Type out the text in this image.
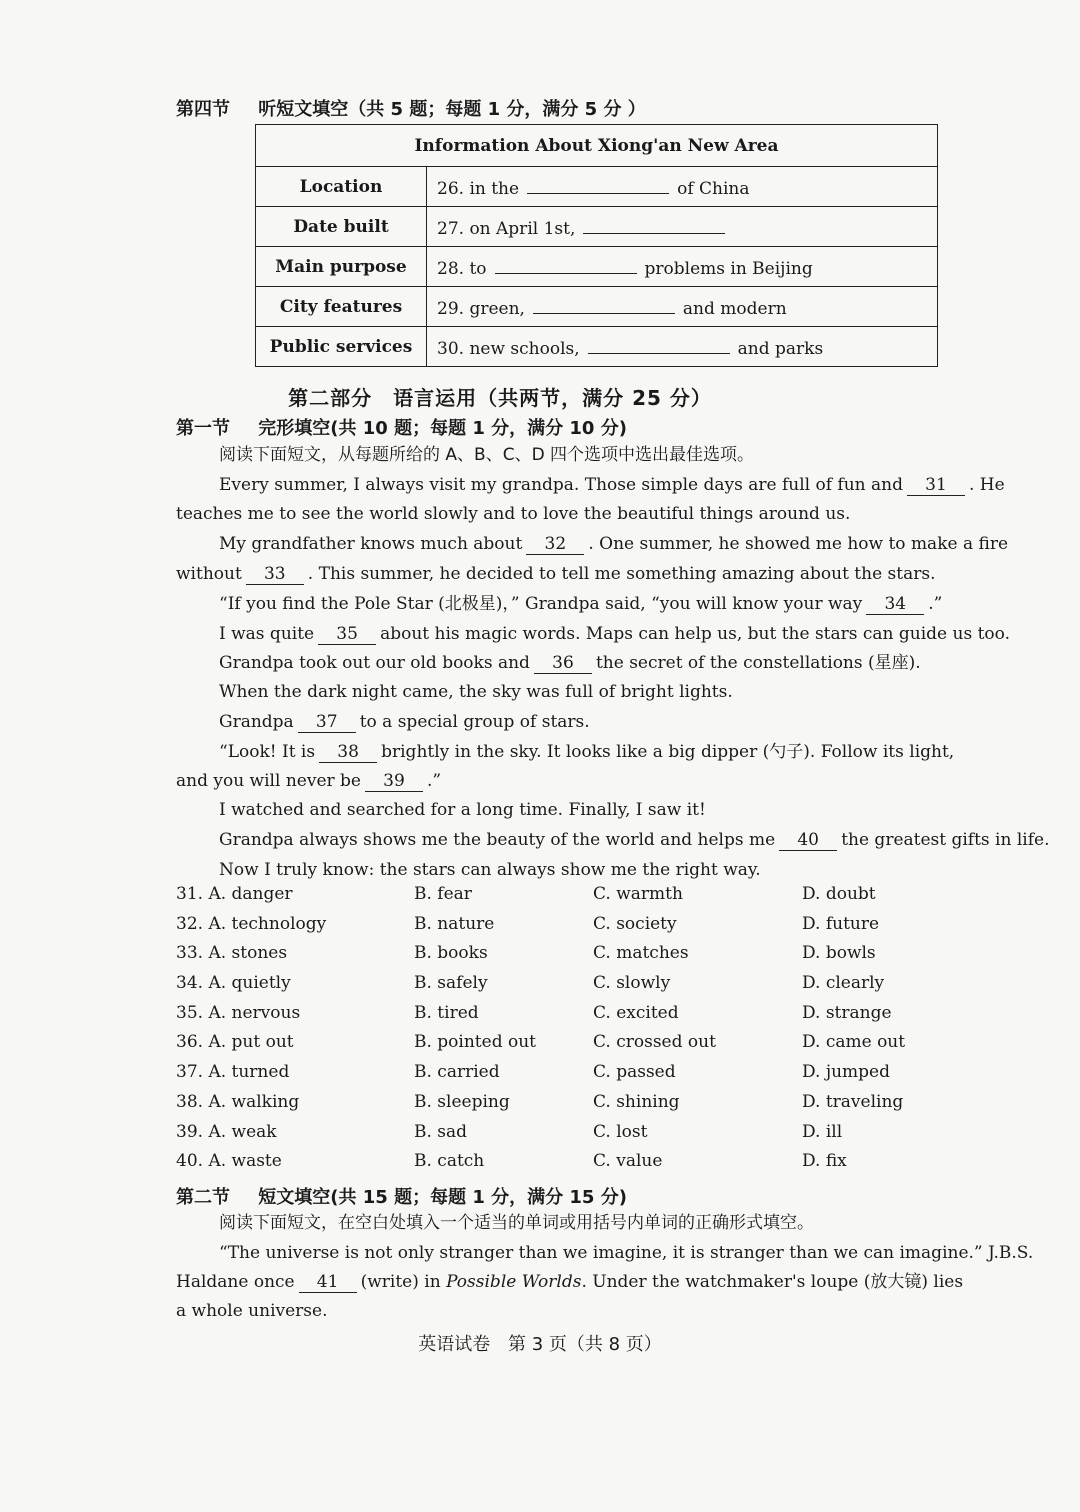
第四节 听短文填空（共 5 题；每题 1 分，满分 5 分 ）
Information About Xiong'an New Area	
Location	26. in the of China
Date built	27. on April 1st,
Main purpose	28. to problems in Beijing
City features	29. green, and modern
Public services	30. new schools, and parks
第二部分　语言运用（共两节，满分 25 分）
第一节 完形填空(共 10 题；每题 1 分，满分 10 分)
阅读下面短文，从每题所给的 A、B、C、D 四个选项中选出最佳选项。
Every summer, I always visit my grandpa. Those simple days are full of fun and 31 . He
teaches me to see the world slowly and to love the beautiful things around us.
My grandfather knows much about 32 . One summer, he showed me how to make a fire
without 33 . This summer, he decided to tell me something amazing about the stars.
“If you find the Pole Star (北极星)，” Grandpa said, “you will know your way 34 .”
I was quite 35 about his magic words. Maps can help us, but the stars can guide us too.
Grandpa took out our old books and 36 the secret of the constellations (星座).
When the dark night came, the sky was full of bright lights.
Grandpa 37 to a special group of stars.
“Look! It is 38 brightly in the sky. It looks like a big dipper (勺子). Follow its light,
and you will never be 39 .”
I watched and searched for a long time. Finally, I saw it!
Grandpa always shows me the beauty of the world and helps me 40 the greatest gifts in life.
Now I truly know: the stars can always show me the right way.
31. A. danger	B. fear	C. warmth	D. doubt
32. A. technology	B. nature	C. society	D. future
33. A. stones	B. books	C. matches	D. bowls
34. A. quietly	B. safely	C. slowly	D. clearly
35. A. nervous	B. tired	C. excited	D. strange
36. A. put out	B. pointed out	C. crossed out	D. came out
37. A. turned	B. carried	C. passed	D. jumped
38. A. walking	B. sleeping	C. shining	D. traveling
39. A. weak	B. sad	C. lost	D. ill
40. A. waste	B. catch	C. value	D. fix
第二节 短文填空(共 15 题；每题 1 分，满分 15 分)
阅读下面短文，在空白处填入一个适当的单词或用括号内单词的正确形式填空。
“The universe is not only stranger than we imagine, it is stranger than we can imagine.” J.B.S.
Haldane once 41 (write) in Possible Worlds. Under the watchmaker's loupe (放大镜) lies
a whole universe.
英语试卷 第 3 页（共 8 页）
